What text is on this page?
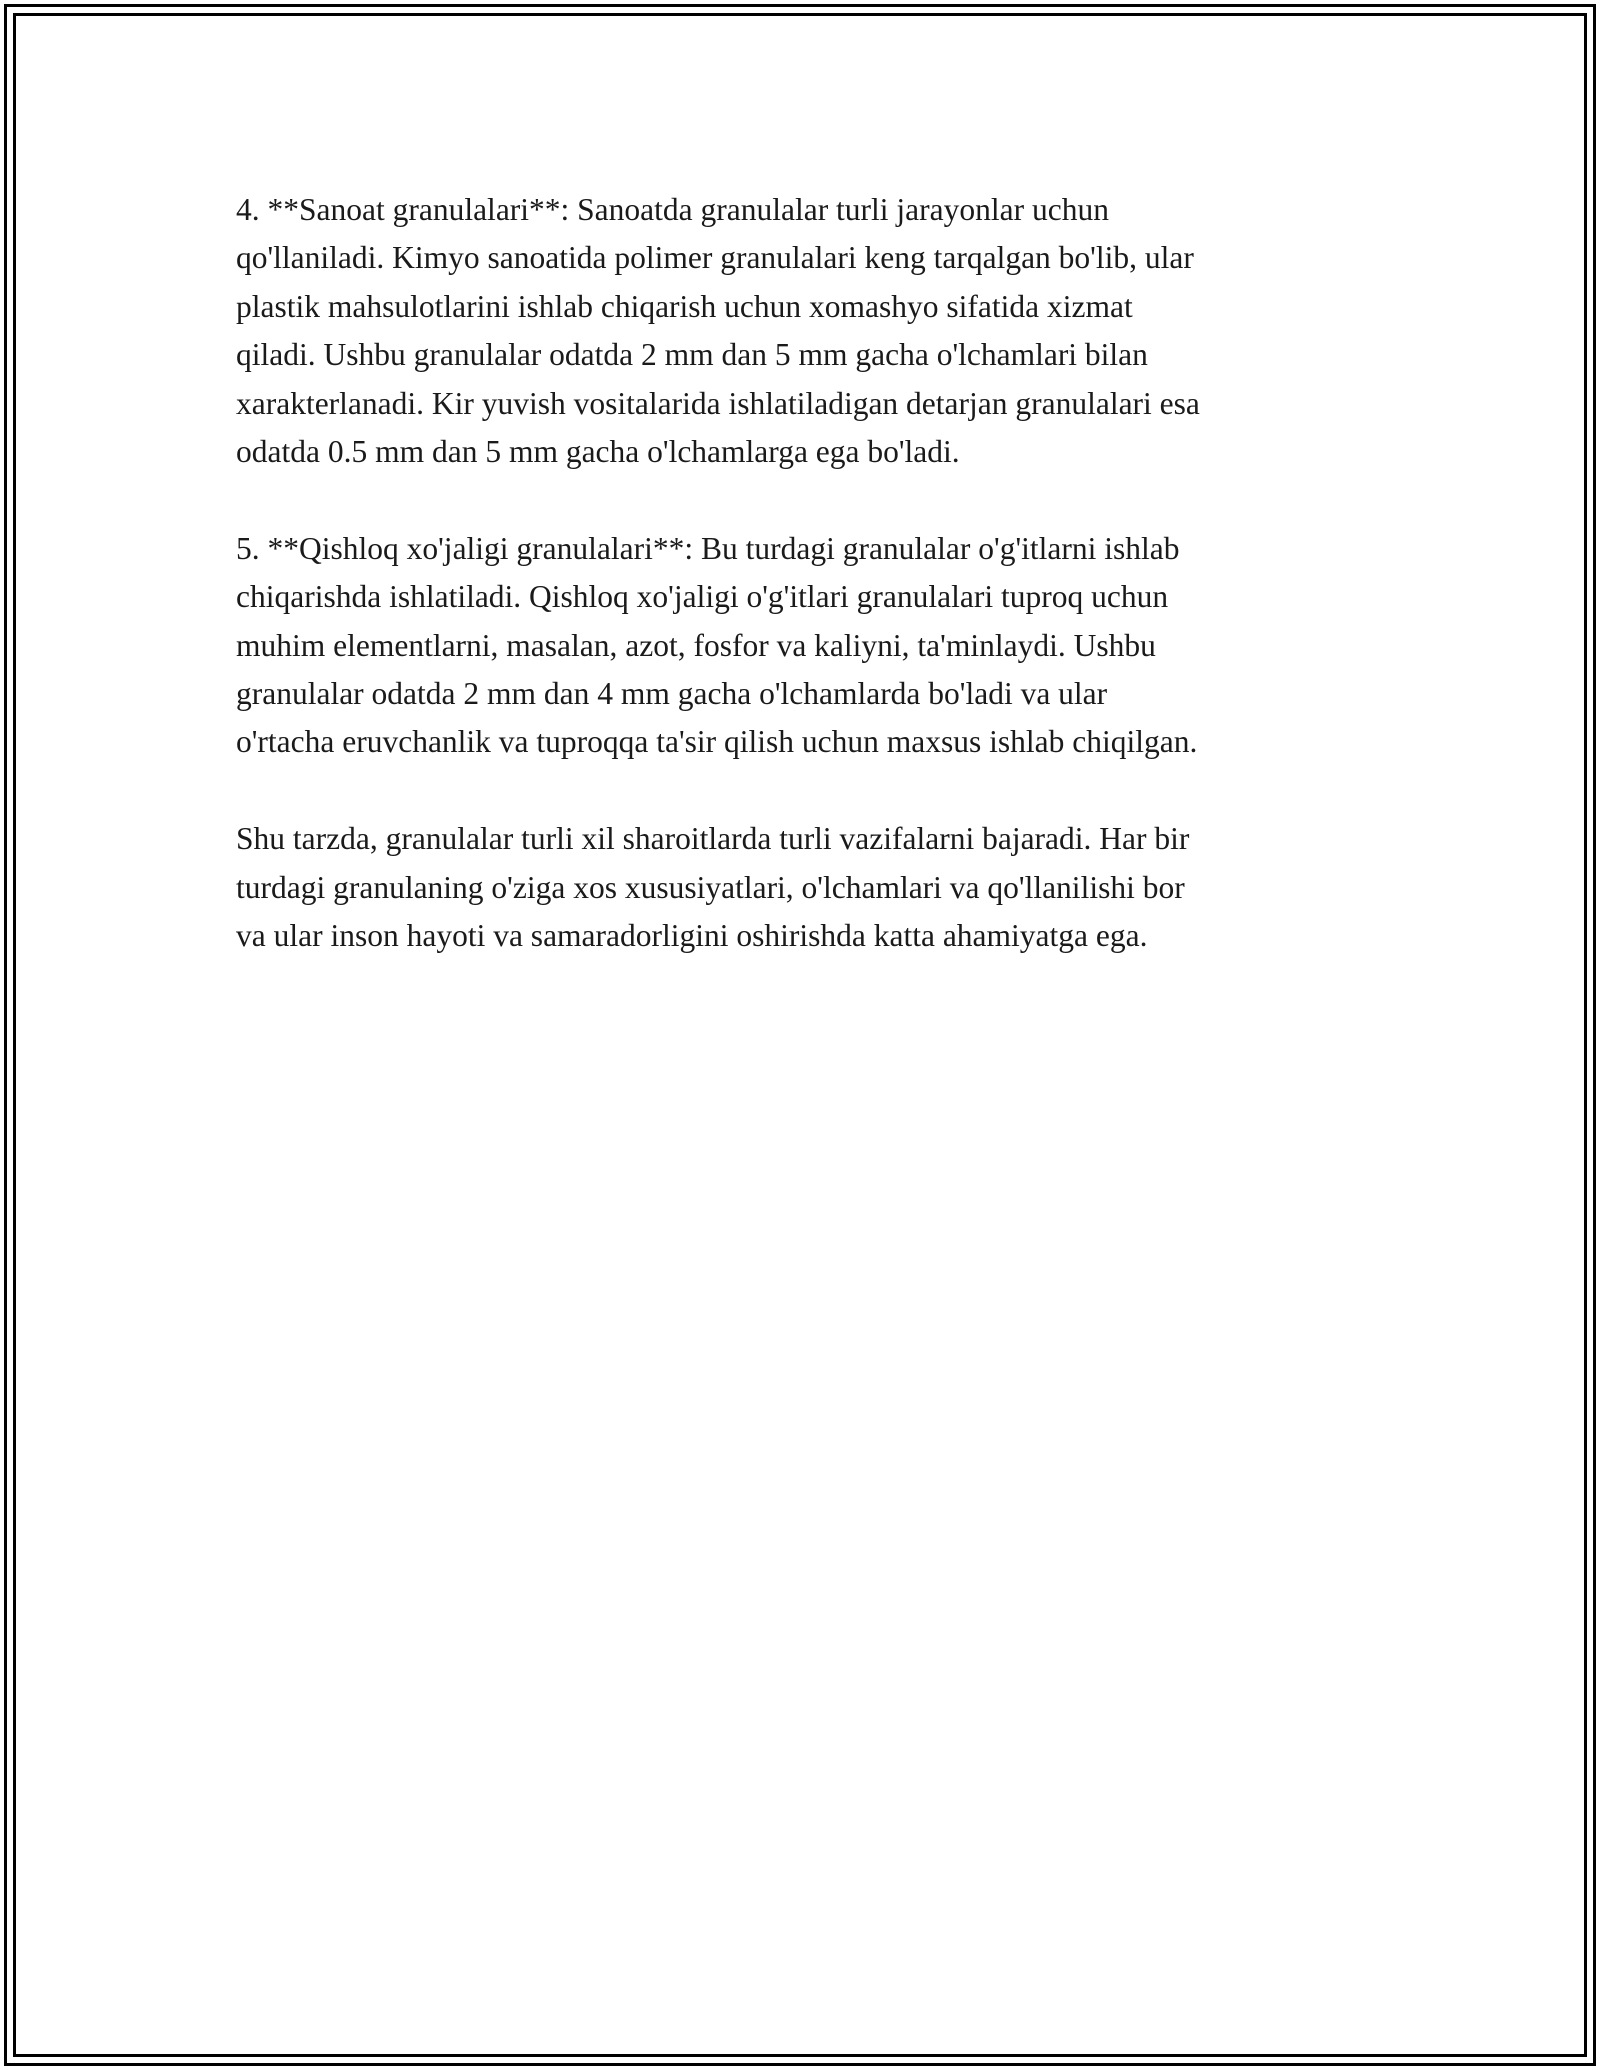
4. **Sanoat granulalari**: Sanoatda granulalar turli jarayonlar uchun
qo'llaniladi. Kimyo sanoatida polimer granulalari keng tarqalgan bo'lib, ular
plastik mahsulotlarini ishlab chiqarish uchun xomashyo sifatida xizmat
qiladi. Ushbu granulalar odatda 2 mm dan 5 mm gacha o'lchamlari bilan
xarakterlanadi. Kir yuvish vositalarida ishlatiladigan detarjan granulalari esa
odatda 0.5 mm dan 5 mm gacha o'lchamlarga ega bo'ladi.

5. **Qishloq xo'jaligi granulalari**: Bu turdagi granulalar o'g'itlarni ishlab
chiqarishda ishlatiladi. Qishloq xo'jaligi o'g'itlari granulalari tuproq uchun
muhim elementlarni, masalan, azot, fosfor va kaliyni, ta'minlaydi. Ushbu
granulalar odatda 2 mm dan 4 mm gacha o'lchamlarda bo'ladi va ular
o'rtacha eruvchanlik va tuproqqa ta'sir qilish uchun maxsus ishlab chiqilgan.

Shu tarzda, granulalar turli xil sharoitlarda turli vazifalarni bajaradi. Har bir
turdagi granulaning o'ziga xos xususiyatlari, o'lchamlari va qo'llanilishi bor
va ular inson hayoti va samaradorligini oshirishda katta ahamiyatga ega.
